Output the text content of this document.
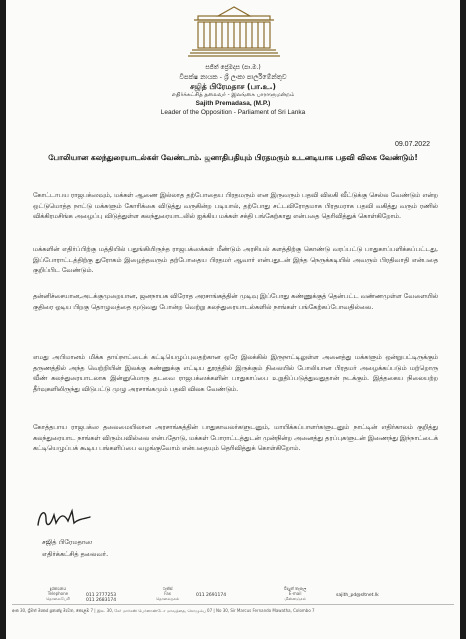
සජිත් ප්‍රේමදාස (පා.ම.)
විපක්ෂ නායක - ශ්‍රී ලංකා පාර්ලිමේන්තුව
சஜித் பிரேமதாச (பா.உ.)
எதிர்க்கட்சித் தலைவர் - இலங்கை பாராளுமன்றம்
Sajith Premadasa, (M.P.)
Leader of the Opposition - Parliament of Sri Lanka
09.07.2022
போலியான கலந்துரையாடல்கள் வேண்டாம். ஜனாதிபதியும் பிரதமரும் உடனடியாக பதவி விலக வேண்டும்!
கோட்டாபய ராஜபக்ஸவும், மக்கள் ஆணை இல்லாத தற்போதைய பிரதமரும் என இருவரும் பதவி விலகி வீட்டுக்கு செல்ல வேண்டும் என்ற ஒட்டுமொத்த நாட்டு மக்களும் கோரிக்கை விடுத்து வருகின்ற படியால், தற்போது சட்டவிரோதமாக பிரதமராக பதவி வகித்து வரும் ரணில் விக்கிரமசிங்க அழைப்பு விடுத்துள்ள கலந்துரையாடலில் ஐக்கிய மக்கள் சக்தி பங்கேற்காது என்பதை தெரிவித்துக் கொள்கிறோம்.
மக்களின் எதிர்ப்பிற்கு மத்தியில் பதுங்கியிருந்த ராஜபக்ஸக்கள் மீண்டும் அரசியல் களத்திற்கு கொண்டு வரப்பட்டு பாதுகாப்பளிக்கப்பட்டது, இப்போராட்டத்திற்கு துரோகம் இழைத்தவரும் தற்போதைய பிரதமர் ஆவார் என்பதுடன் இந்த நெருக்கடியில் அவரும் பிரதிவாதி என்பதை குறிப்பிட வேண்டும்.
தன்னிச்சையான,அடக்குமுறையான, ஜனநாயக விரோத அரசாங்கத்தின் முடிவு இப்போது கண்ணுக்குத் தென்பட்ட வண்ணமுள்ள வேளையில் குதிரை ஓடிய பிறகு தொழுவத்தை மூடுவது போன்ற வெற்று கலந்துரையாடல்களில் நாங்கள் பங்கேற்கப்போவதில்லை.
எமது அபிமானம் மிக்க தாய்நாட்டைக் கட்டியெழுப்புவதற்கான ஒரே இலக்கில் இருநாட்டிலுள்ள அனைத்து மக்களும் ஒன்றுபட்டிருக்கும் தருணத்தில் அந்த வெற்றியின் இலக்கு கண்ணுக்கு எட்டிய தூரத்தில் இருக்கும் நிலையில் போலியான பிரதமர் அழைக்கப்படும் மற்றொரு வீண் கலந்துரையாடலாக இன்னுமொரு தடவை ராஜபக்ஸக்களின் பாதுகாப்பை உறுதிப்படுத்துவதுதான் நடக்கும். இத்தகைய நிலையற்ற தீர்வுகளிலிருந்து விடுபட்டு முழு அரசாங்கமும் பதவி விலக வேண்டும்.
கோத்தபாய ராஜபக்ஸ தலைமையிலான அரசாங்கத்தின் பாதுகாவலர்களுடனும், மாயிக்கப்பாளர்களுடனும் நாட்டின் எதிர்காலம் குறித்து கலந்துரையாட நாங்கள் விரும்பவில்லை என்பதோடு, மக்கள் போராட்டத்துடன் முன்நின்ற அனைத்து தரப்புகளுடன் இணைந்து இந்நாட்டைக் கட்டியெழுப்பக் கூடிய பங்களிப்பை வழங்குவோம் என்பதையும் தெரிவித்துக் கொள்கிறோம்.
சஜித் பிரேமதாஸ
எதிர்க்கட்சித் தலைவர்.
දුරකථනය
Telephone
தொலைபேசி
011 2777253
011 2683174
ෆැක්ස්
Fax
தொலைநகல்
011 2691174
විද්‍යුත් තැපෑල
E-mail
மின்னஞ்சல்
sajith_pd@sltnet.lk
අංක 30, ශ්‍රීමත් මාකස් ප්‍රනාන්දු මාවත, කොළඹ 7 | இல. 30, சேர் மார்கஸ் பெர்னாண்டோ மாவத்தை, கொழும்பு 07 | No 30, Sir Marcus Fernando Mawatha, Colombo 7
